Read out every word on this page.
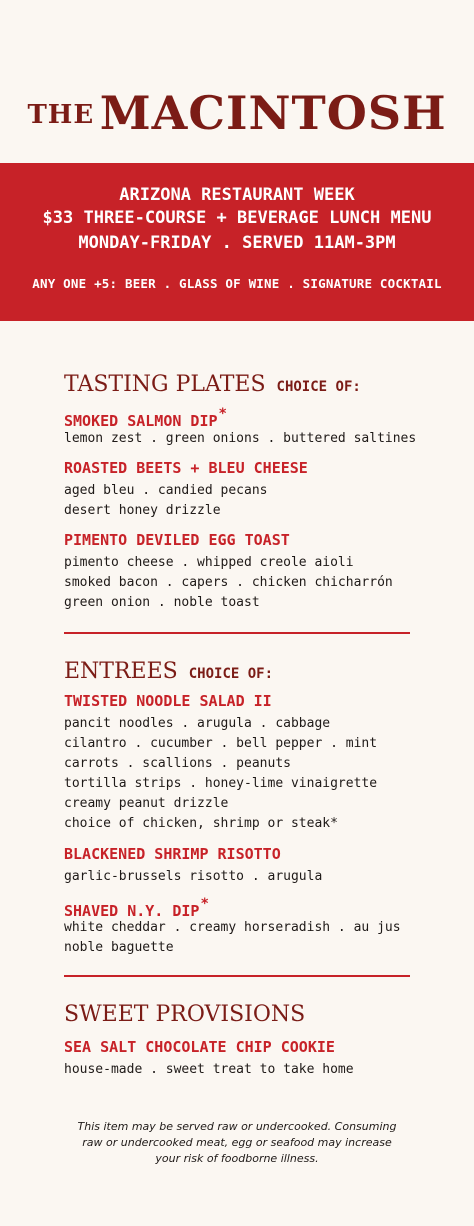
THE MACINTOSH
ARIZONA RESTAURANT WEEK
$33 THREE-COURSE + BEVERAGE LUNCH MENU
MONDAY-FRIDAY . SERVED 11AM-3PM
ANY ONE +5: BEER . GLASS OF WINE . SIGNATURE COCKTAIL
TASTING PLATES CHOICE OF:
SMOKED SALMON DIP*
lemon zest . green onions . buttered saltines
ROASTED BEETS + BLEU CHEESE
aged bleu . candied pecans
desert honey drizzle
PIMENTO DEVILED EGG TOAST
pimento cheese . whipped creole aioli
smoked bacon . capers . chicken chicharrón
green onion . noble toast
ENTREES CHOICE OF:
TWISTED NOODLE SALAD II
pancit noodles . arugula . cabbage
cilantro . cucumber . bell pepper . mint
carrots . scallions . peanuts
tortilla strips . honey-lime vinaigrette
creamy peanut drizzle
choice of chicken, shrimp or steak*
BLACKENED SHRIMP RISOTTO
garlic-brussels risotto . arugula
SHAVED N.Y. DIP*
white cheddar . creamy horseradish . au jus
noble baguette
SWEET PROVISIONS
SEA SALT CHOCOLATE CHIP COOKIE
house-made . sweet treat to take home
This item may be served raw or undercooked. Consuming
raw or undercooked meat, egg or seafood may increase
your risk of foodborne illness.
